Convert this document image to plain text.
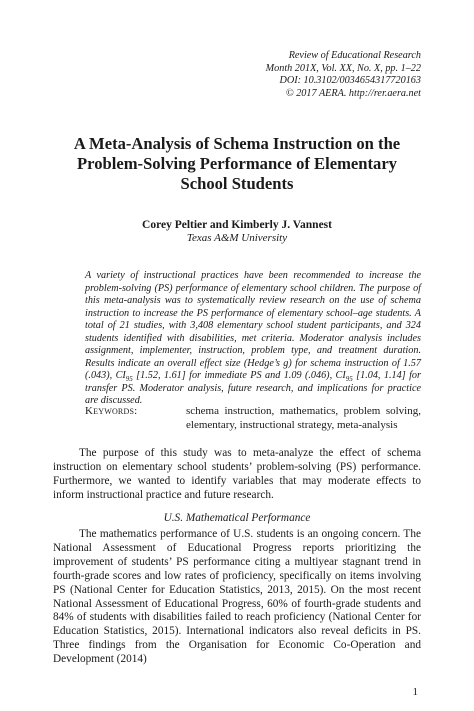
Review of Educational Research
Month 201X, Vol. XX, No. X, pp. 1–22
DOI: 10.3102/0034654317720163
© 2017 AERA. http://rer.aera.net
A Meta-Analysis of Schema Instruction on the Problem-Solving Performance of Elementary School Students
Corey Peltier and Kimberly J. Vannest
Texas A&M University

A variety of instructional practices have been recommended to increase the problem-solving (PS) performance of elementary school children. The purpose of this meta-analysis was to systematically review research on the use of schema instruction to increase the PS performance of elementary school–age students. A total of 21 studies, with 3,408 elementary school student participants, and 324 students identified with disabilities, met criteria. Moderator analysis includes assignment, implementer, instruction, problem type, and treatment duration. Results indicate an overall effect size (Hedge’s g) for schema instruction of 1.57 (.043), $CI_{95}$ [1.52, 1.61] for immediate PS and 1.09 (.046), $CI_{95}$ [1.04, 1.14] for transfer PS. Moderator analysis, future research, and implications for practice are discussed.

Keywords:	schema instruction, mathematics, problem solving, elementary, instructional strategy, meta-analysis

The purpose of this study was to meta-analyze the effect of schema instruction on elementary school students’ problem-solving (PS) performance. Furthermore, we wanted to identify variables that may moderate effects to inform instructional practice and future research.

U.S. Mathematical Performance

The mathematics performance of U.S. students is an ongoing concern. The National Assessment of Educational Progress reports prioritizing the improvement of students’ PS performance citing a multiyear stagnant trend in fourth-grade scores and low rates of proficiency, specifically on items involving PS (National Center for Education Statistics, 2013, 2015). On the most recent National Assessment of Educational Progress, 60% of fourth-grade students and 84% of students with disabilities failed to reach proficiency (National Center for Education Statistics, 2015). International indicators also reveal deficits in PS. Three findings from the Organisation for Economic Co-Operation and Development (2014)

1
